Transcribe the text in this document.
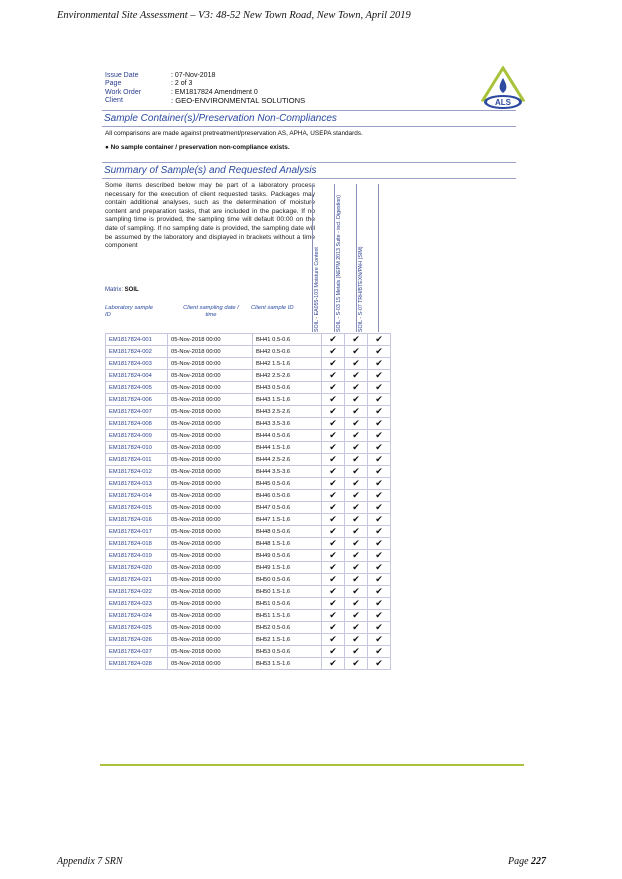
Environmental Site Assessment – V3: 48-52 New Town Road, New Town, April 2019
Issue Date	: 07-Nov-2018
Page	: 2 of 3
Work Order	: EM1817824 Amendment 0
Client	: GEO-ENVIRONMENTAL SOLUTIONS	ALS
Sample Container(s)/Preservation Non-Compliances
All comparisons are made against pretreatment/preservation AS, APHA, USEPA standards.
● No sample container / preservation non-compliance exists.
Summary of Sample(s) and Requested Analysis
Some items described below may be part of a laboratory process necessary for the execution of client requested tasks. Packages may contain additional analyses, such as the determination of moisture content and preparation tasks, that are included in the package. If no sampling time is provided, the sampling time will default 00:00 on the date of sampling. If no sampling date is provided, the sampling date will be assumed by the laboratory and displayed in brackets without a time component
Matrix: SOIL
Laboratory sample ID
Client sampling date / time
Client sample ID	SOIL - EA055-103 Moisture Content	SOIL - S-03 15 Metals (NEPM 2013 Suite - incl. Digestion)	SOIL - S-07 TRH/BTEXN/PAH (SIM)
EM1817824-001	05-Nov-2018 00:00	BH41 0.5-0.6	✔	✔	✔
EM1817824-002	05-Nov-2018 00:00	BH42 0.5-0.6	✔	✔	✔
EM1817824-003	05-Nov-2018 00:00	BH42 1.5-1.6	✔	✔	✔
EM1817824-004	05-Nov-2018 00:00	BH42 2.5-2.6	✔	✔	✔
EM1817824-005	05-Nov-2018 00:00	BH43 0.5-0.6	✔	✔	✔
EM1817824-006	05-Nov-2018 00:00	BH43 1.5-1.6	✔	✔	✔
EM1817824-007	05-Nov-2018 00:00	BH43 2.5-2.6	✔	✔	✔
EM1817824-008	05-Nov-2018 00:00	BH43 3.5-3.6	✔	✔	✔
EM1817824-009	05-Nov-2018 00:00	BH44 0.5-0.6	✔	✔	✔
EM1817824-010	05-Nov-2018 00:00	BH44 1.5-1.6	✔	✔	✔
EM1817824-011	05-Nov-2018 00:00	BH44 2.5-2.6	✔	✔	✔
EM1817824-012	05-Nov-2018 00:00	BH44 3.5-3.6	✔	✔	✔
EM1817824-013	05-Nov-2018 00:00	BH45 0.5-0.6	✔	✔	✔
EM1817824-014	05-Nov-2018 00:00	BH46 0.5-0.6	✔	✔	✔
EM1817824-015	05-Nov-2018 00:00	BH47 0.5-0.6	✔	✔	✔
EM1817824-016	05-Nov-2018 00:00	BH47 1.5-1.6	✔	✔	✔
EM1817824-017	05-Nov-2018 00:00	BH48 0.5-0.6	✔	✔	✔
EM1817824-018	05-Nov-2018 00:00	BH48 1.5-1.6	✔	✔	✔
EM1817824-019	05-Nov-2018 00:00	BH49 0.5-0.6	✔	✔	✔
EM1817824-020	05-Nov-2018 00:00	BH49 1.5-1.6	✔	✔	✔
EM1817824-021	05-Nov-2018 00:00	BH50 0.5-0.6	✔	✔	✔
EM1817824-022	05-Nov-2018 00:00	BH50 1.5-1.6	✔	✔	✔
EM1817824-023	05-Nov-2018 00:00	BH51 0.5-0.6	✔	✔	✔
EM1817824-024	05-Nov-2018 00:00	BH51 1.5-1.6	✔	✔	✔
EM1817824-025	05-Nov-2018 00:00	BH52 0.5-0.6	✔	✔	✔
EM1817824-026	05-Nov-2018 00:00	BH52 1.5-1.6	✔	✔	✔
EM1817824-027	05-Nov-2018 00:00	BH53 0.5-0.6	✔	✔	✔
EM1817824-028	05-Nov-2018 00:00	BH53 1.5-1.6	✔	✔	✔
Appendix 7 SRN	Page 227
